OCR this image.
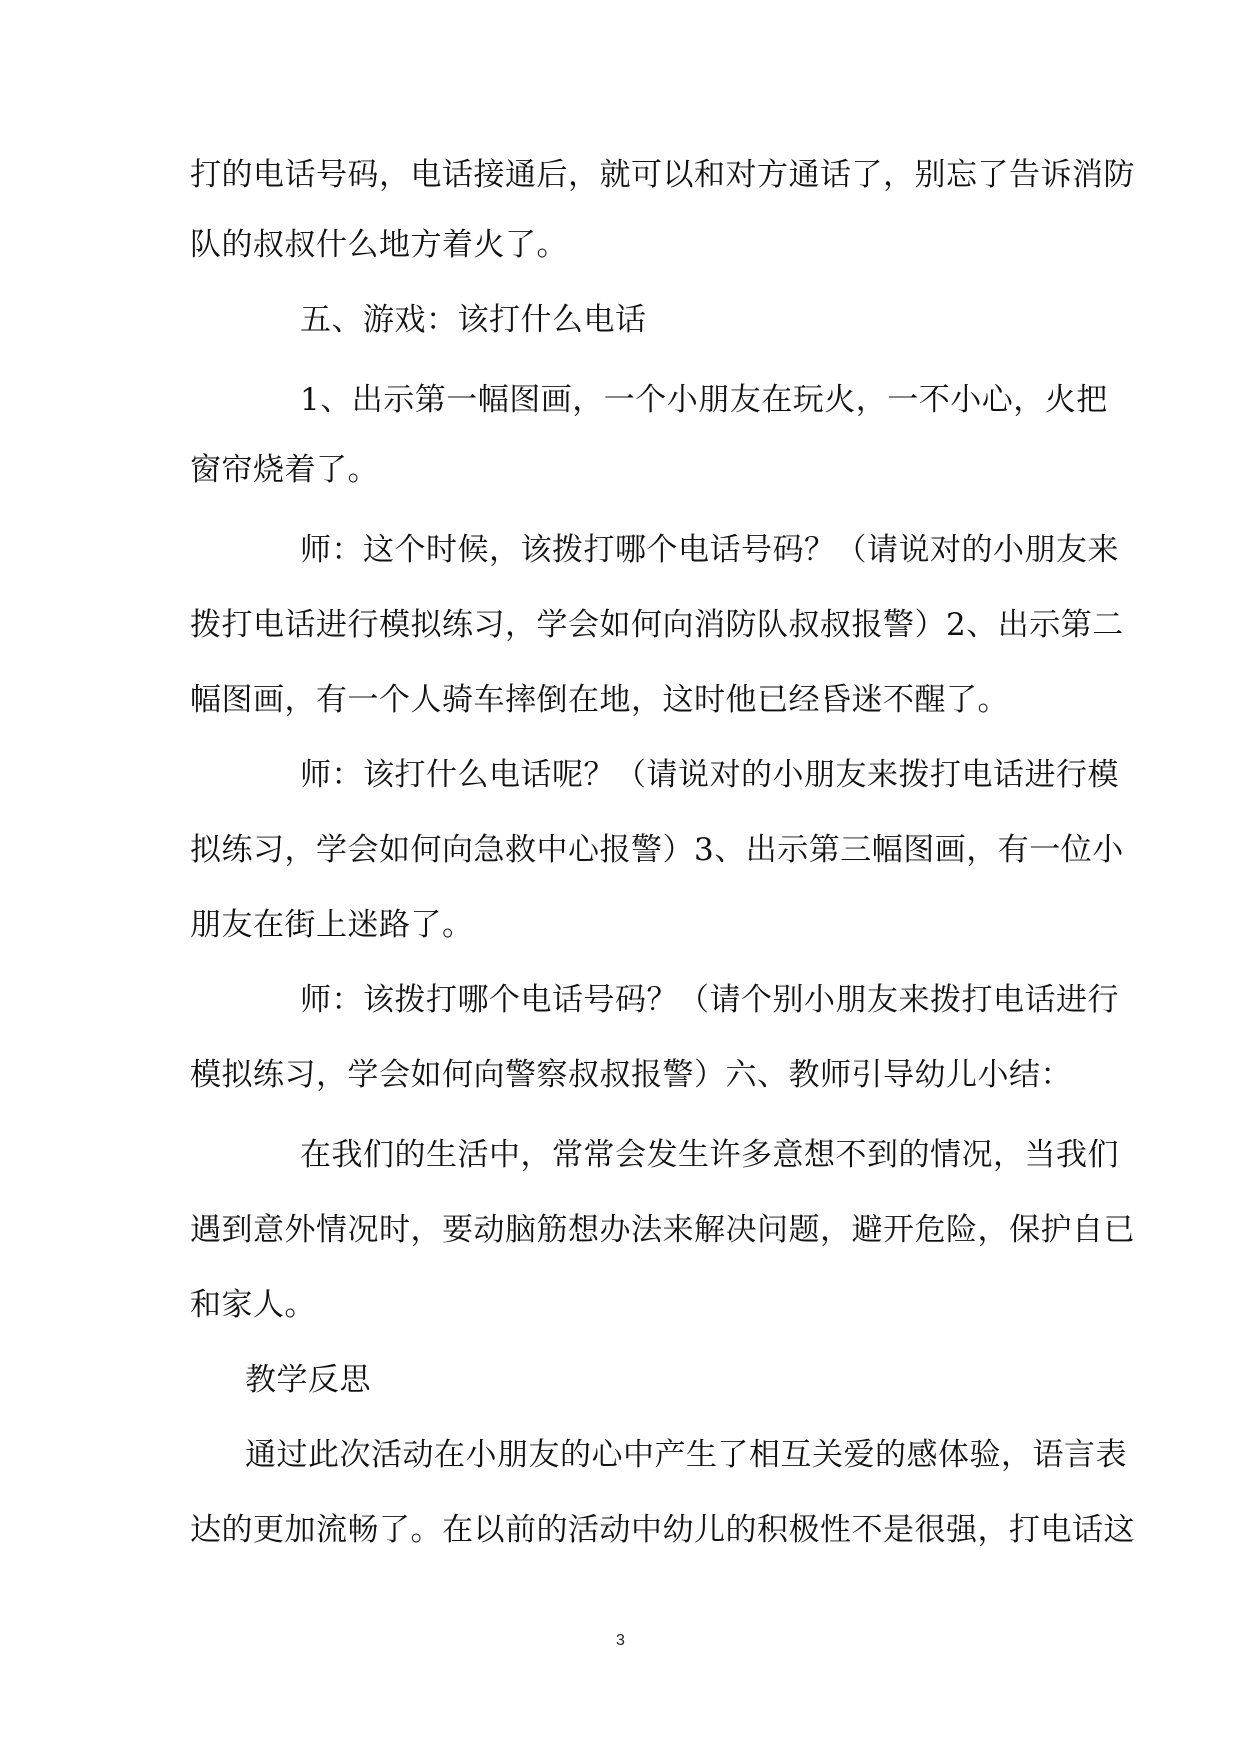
打的电话号码，电话接通后，就可以和对方通话了，别忘了告诉消防
队的叔叔什么地方着火了。
五、游戏：该打什么电话
1、出示第一幅图画，一个小朋友在玩火，一不小心，火把
窗帘烧着了。
师：这个时候，该拨打哪个电话号码？（请说对的小朋友来
拨打电话进行模拟练习，学会如何向消防队叔叔报警）2、出示第二
幅图画，有一个人骑车摔倒在地，这时他已经昏迷不醒了。
师：该打什么电话呢？（请说对的小朋友来拨打电话进行模
拟练习，学会如何向急救中心报警）3、出示第三幅图画，有一位小
朋友在街上迷路了。
师：该拨打哪个电话号码？（请个别小朋友来拨打电话进行
模拟练习，学会如何向警察叔叔报警）六、教师引导幼儿小结：
在我们的生活中，常常会发生许多意想不到的情况，当我们
遇到意外情况时，要动脑筋想办法来解决问题，避开危险，保护自已
和家人。
教学反思
通过此次活动在小朋友的心中产生了相互关爱的感体验，语言表
达的更加流畅了。在以前的活动中幼儿的积极性不是很强，打电话这
3
